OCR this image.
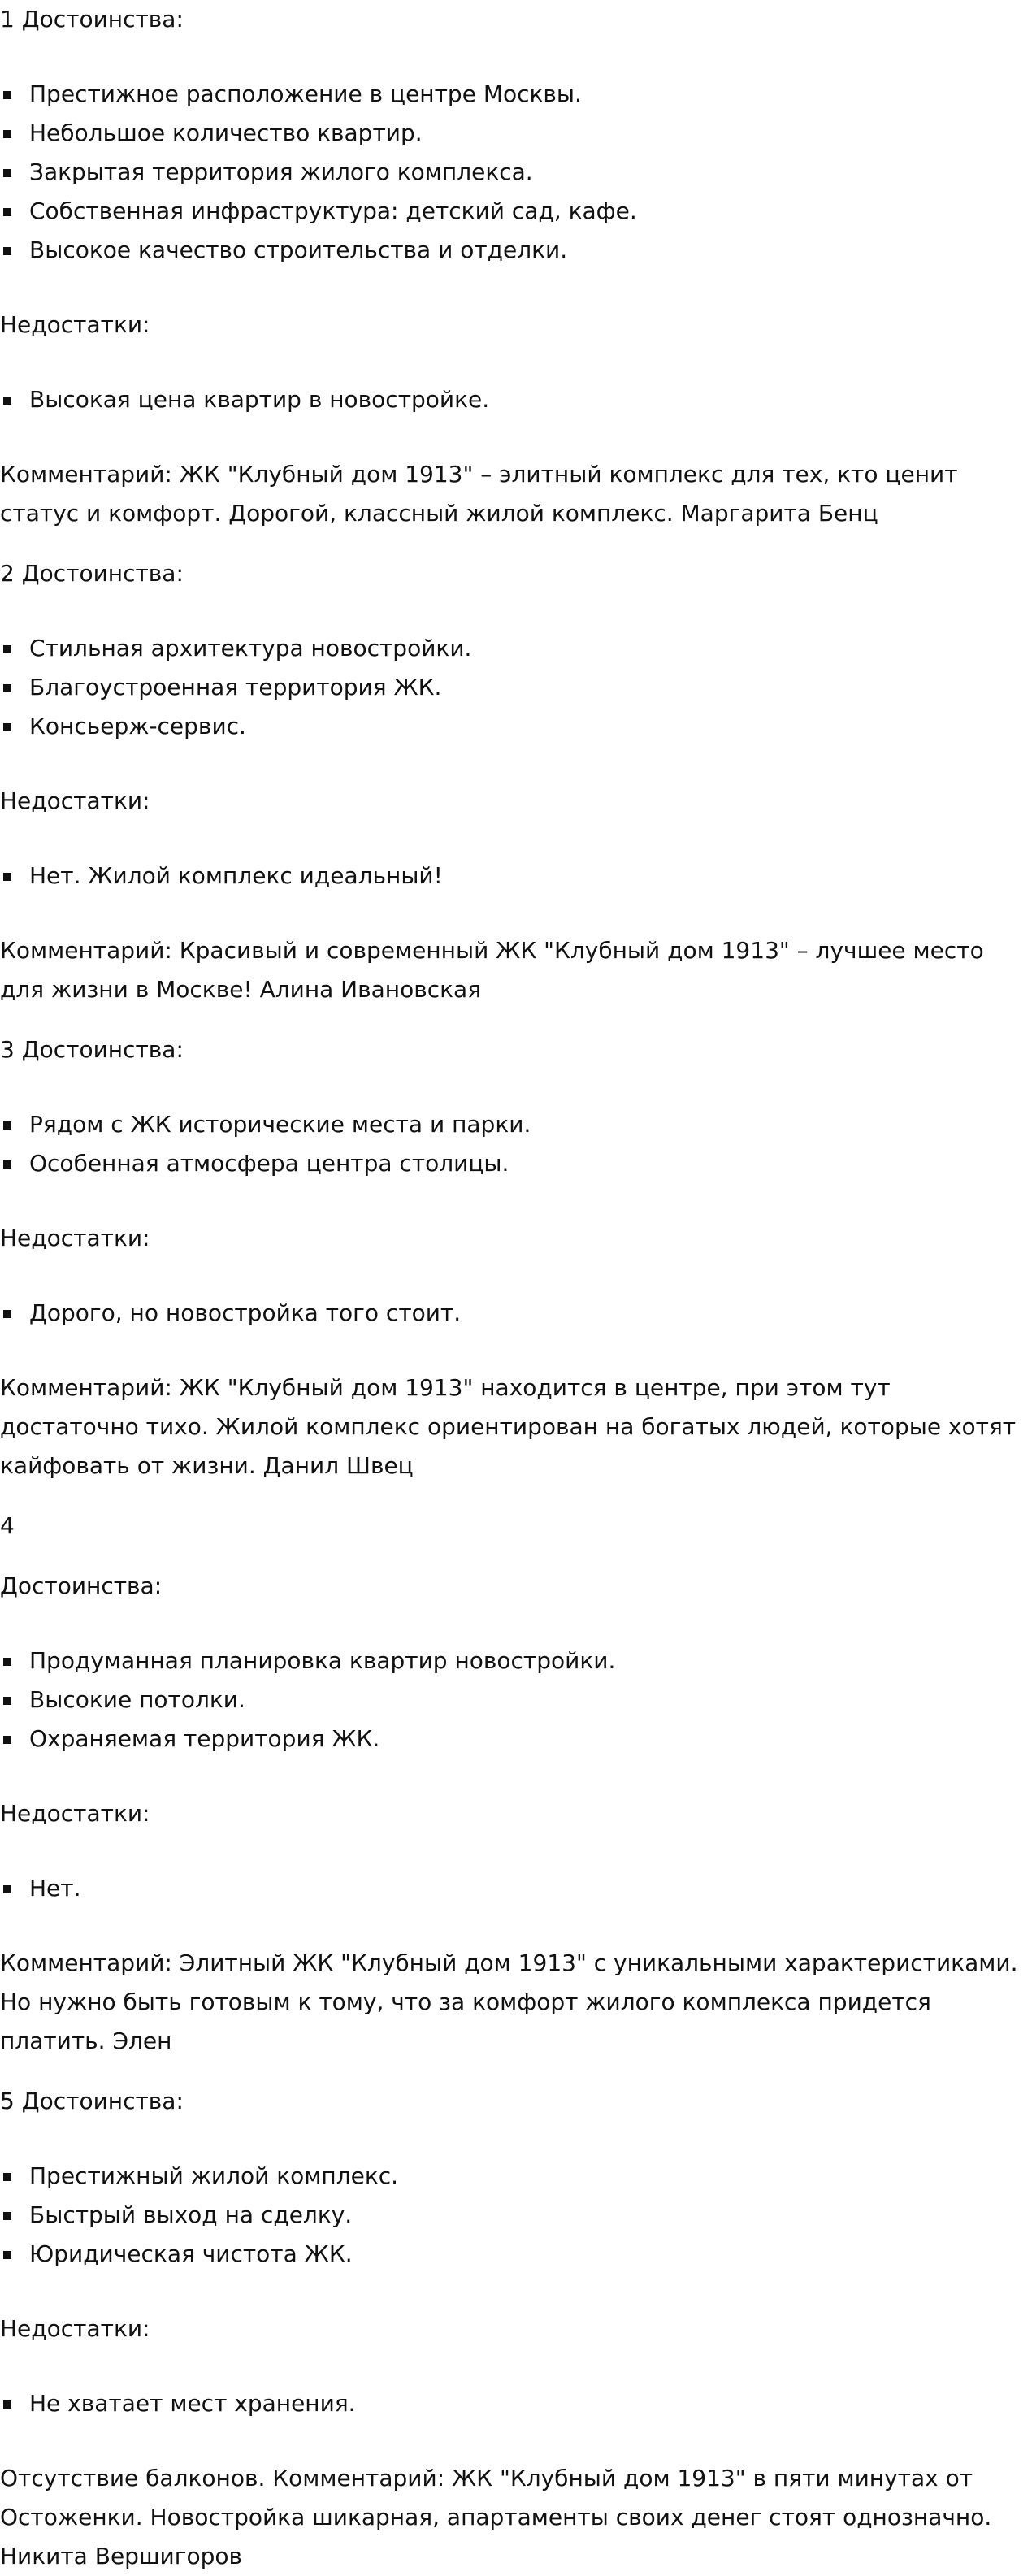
1 Достоинства:

Престижное расположение в центре Москвы.
Небольшое количество квартир.
Закрытая территория жилого комплекса.
Собственная инфраструктура: детский сад, кафе.
Высокое качество строительства и отделки.

Недостатки:

Высокая цена квартир в новостройке.

Комментарий: ЖК "Клубный дом 1913" – элитный комплекс для тех, кто ценит статус и комфорт. Дорогой, классный жилой комплекс. Маргарита Бенц

2 Достоинства:

Стильная архитектура новостройки.
Благоустроенная территория ЖК.
Консьерж-сервис.

Недостатки:

Нет. Жилой комплекс идеальный!

Комментарий: Красивый и современный ЖК "Клубный дом 1913" – лучшее место для жизни в Москве! Алина Ивановская

3 Достоинства:

Рядом с ЖК исторические места и парки.
Особенная атмосфера центра столицы.

Недостатки:

Дорого, но новостройка того стоит.

Комментарий: ЖК "Клубный дом 1913" находится в центре, при этом тут достаточно тихо. Жилой комплекс ориентирован на богатых людей, которые хотят кайфовать от жизни. Данил Швец

4

Достоинства:

Продуманная планировка квартир новостройки.
Высокие потолки.
Охраняемая территория ЖК.

Недостатки:

Нет.

Комментарий: Элитный ЖК "Клубный дом 1913" с уникальными характеристиками. Но нужно быть готовым к тому, что за комфорт жилого комплекса придется платить. Элен

5 Достоинства:

Престижный жилой комплекс.
Быстрый выход на сделку.
Юридическая чистота ЖК.

Недостатки:

Не хватает мест хранения.

Отсутствие балконов. Комментарий: ЖК "Клубный дом 1913" в пяти минутах от Остоженки. Новостройка шикарная, апартаменты своих денег стоят однозначно. Никита Вершигоров
